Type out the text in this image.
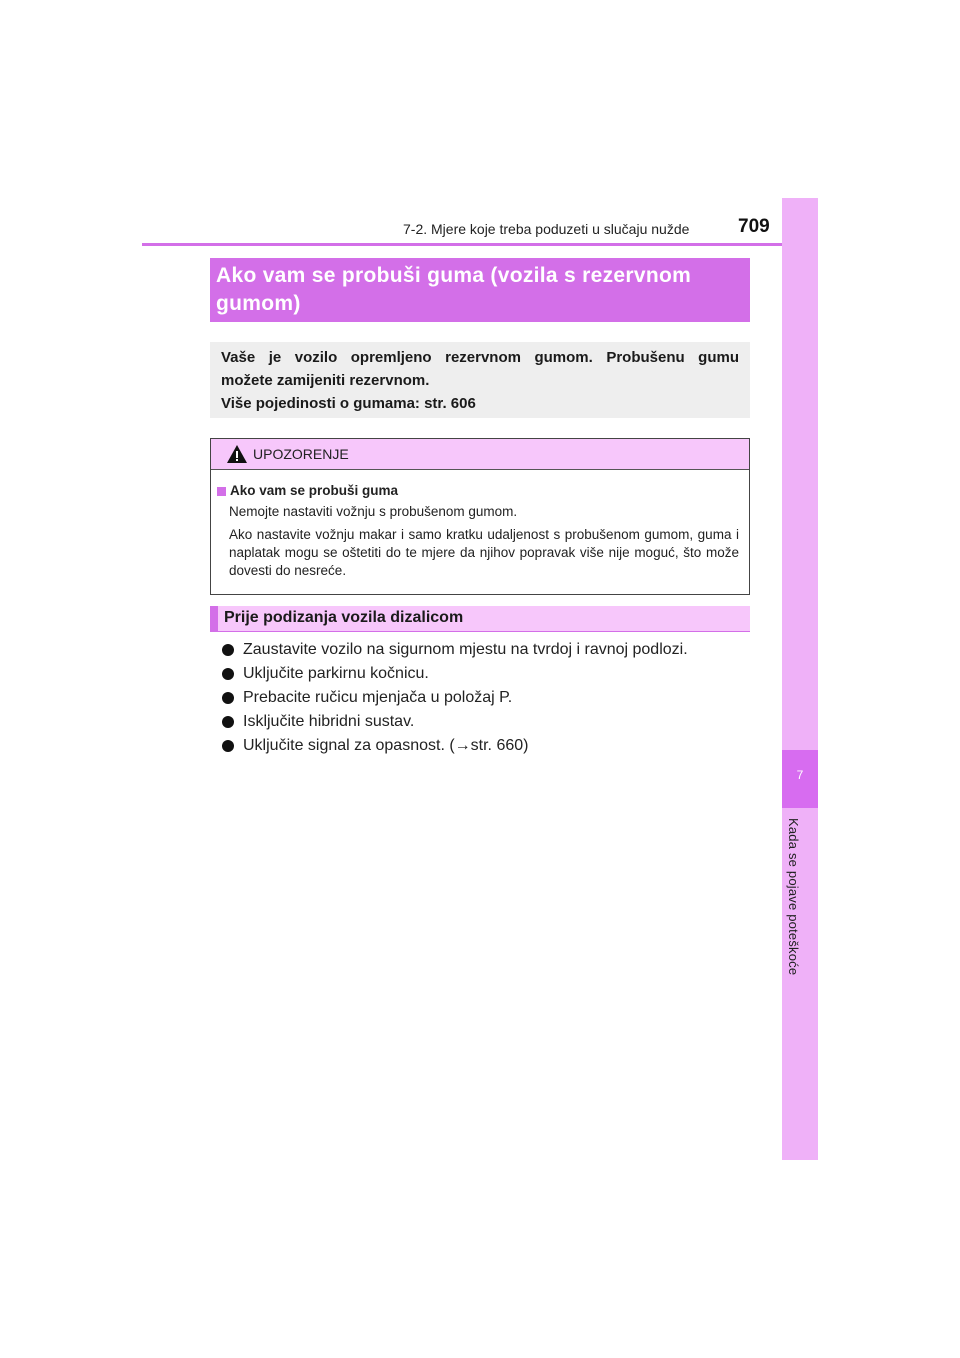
7-2. Mjere koje treba poduzeti u slučaju nužde	709
7
Kada se pojave poteškoće
Ako vam se probuši guma (vozila s rezervnom
gumom)
Vaše je vozilo opremljeno rezervnom gumom. Probušenu gumu
možete zamijeniti rezervnom.
Više pojedinosti o gumama: str. 606
UPOZORENJE
Ako vam se probuši guma
Nemojte nastaviti vožnju s probušenom gumom.
Ako nastavite vožnju makar i samo kratku udaljenost s probušenom gumom, guma i naplatak mogu se oštetiti do te mjere da njihov popravak više nije moguć, što može dovesti do nesreće.
Prije podizanja vozila dizalicom
Zaustavite vozilo na sigurnom mjestu na tvrdoj i ravnoj podlozi.
Uključite parkirnu kočnicu.
Prebacite ručicu mjenjača u položaj P.
Isključite hibridni sustav.
Uključite signal za opasnost. (→str. 660)
